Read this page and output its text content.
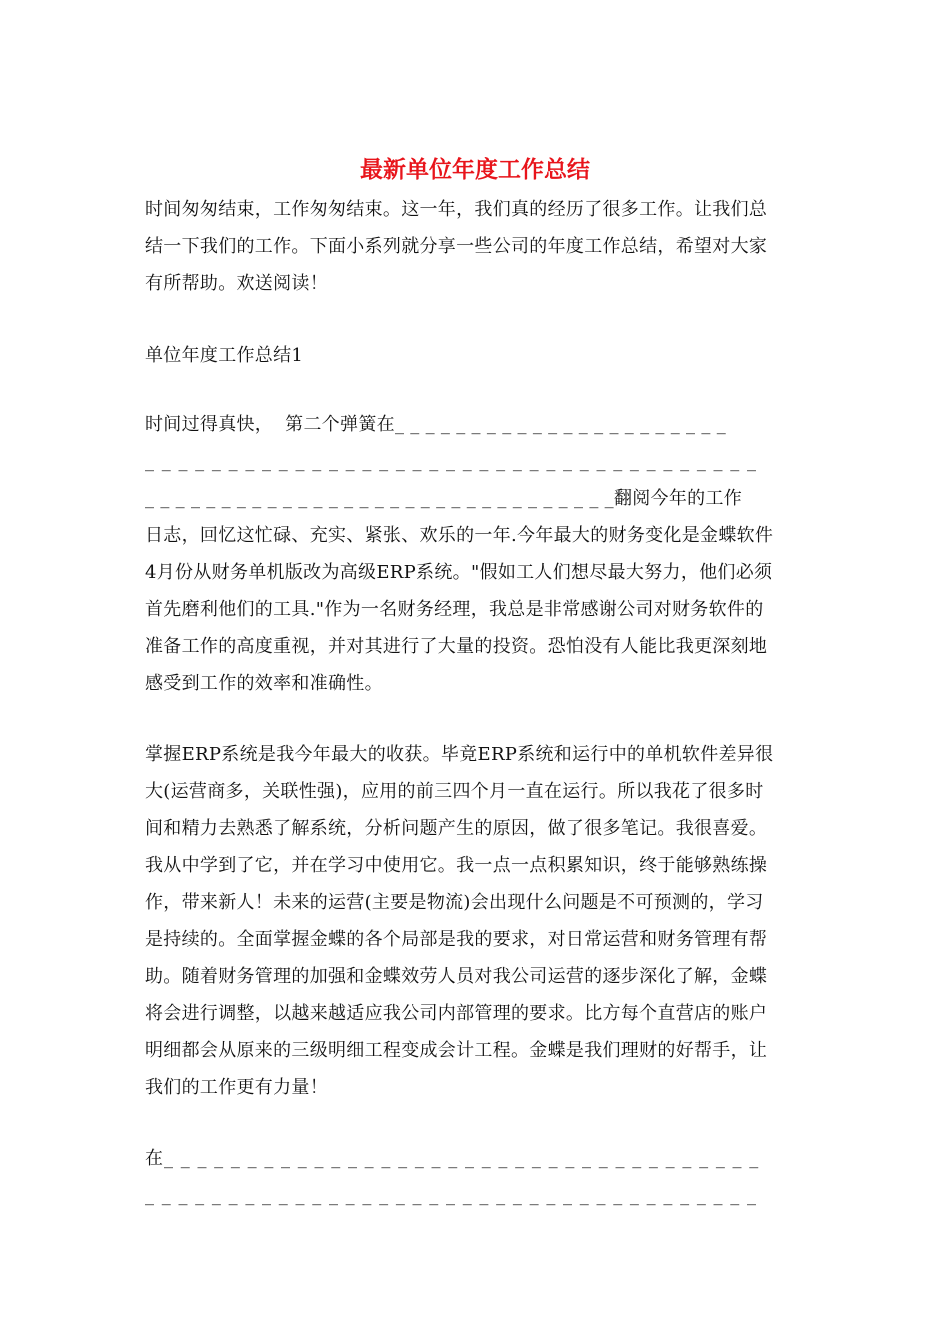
最新单位年度工作总结

时间匆匆结束，工作匆匆结束。这一年，我们真的经历了很多工作。让我们总

结一下我们的工作。下面小系列就分享一些公司的年度工作总结，希望对大家

有所帮助。欢送阅读！

单位年度工作总结1

时间过得真快，  第二个弹簧在_ _ _ _ _ _ _ _ _ _ _ _ _ _ _ _ _ _ _ _ _ _

_ _ _ _ _ _ _ _ _ _ _ _ _ _ _ _ _ _ _ _ _ _ _ _ _ _ _ _ _ _ _ _ _ _ _ _ _

_ _ _ _ _ _ _ _ _ _ _ _ _ _ _ _ _ _ _ _ _ _ _ _ _ _ _ _ _ _ _翻阅今年的工作

日志，回忆这忙碌、充实、紧张、欢乐的一年.今年最大的财务变化是金蝶软件

4月份从财务单机版改为高级ERP系统。"假如工人们想尽最大努力，他们必须

首先磨利他们的工具."作为一名财务经理，我总是非常感谢公司对财务软件的

准备工作的高度重视，并对其进行了大量的投资。恐怕没有人能比我更深刻地

感受到工作的效率和准确性。

掌握ERP系统是我今年最大的收获。毕竟ERP系统和运行中的单机软件差异很

大(运营商多，关联性强)，应用的前三四个月一直在运行。所以我花了很多时

间和精力去熟悉了解系统，分析问题产生的原因，做了很多笔记。我很喜爱。

我从中学到了它，并在学习中使用它。我一点一点积累知识，终于能够熟练操

作，带来新人！未来的运营(主要是物流)会出现什么问题是不可预测的，学习

是持续的。全面掌握金蝶的各个局部是我的要求，对日常运营和财务管理有帮

助。随着财务管理的加强和金蝶效劳人员对我公司运营的逐步深化了解，金蝶

将会进行调整，以越来越适应我公司内部管理的要求。比方每个直营店的账户

明细都会从原来的三级明细工程变成会计工程。金蝶是我们理财的好帮手，让

我们的工作更有力量！

在_ _ _ _ _ _ _ _ _ _ _ _ _ _ _ _ _ _ _ _ _ _ _ _ _ _ _ _ _ _ _ _ _ _ _ _

_ _ _ _ _ _ _ _ _ _ _ _ _ _ _ _ _ _ _ _ _ _ _ _ _ _ _ _ _ _ _ _ _ _ _ _ _
